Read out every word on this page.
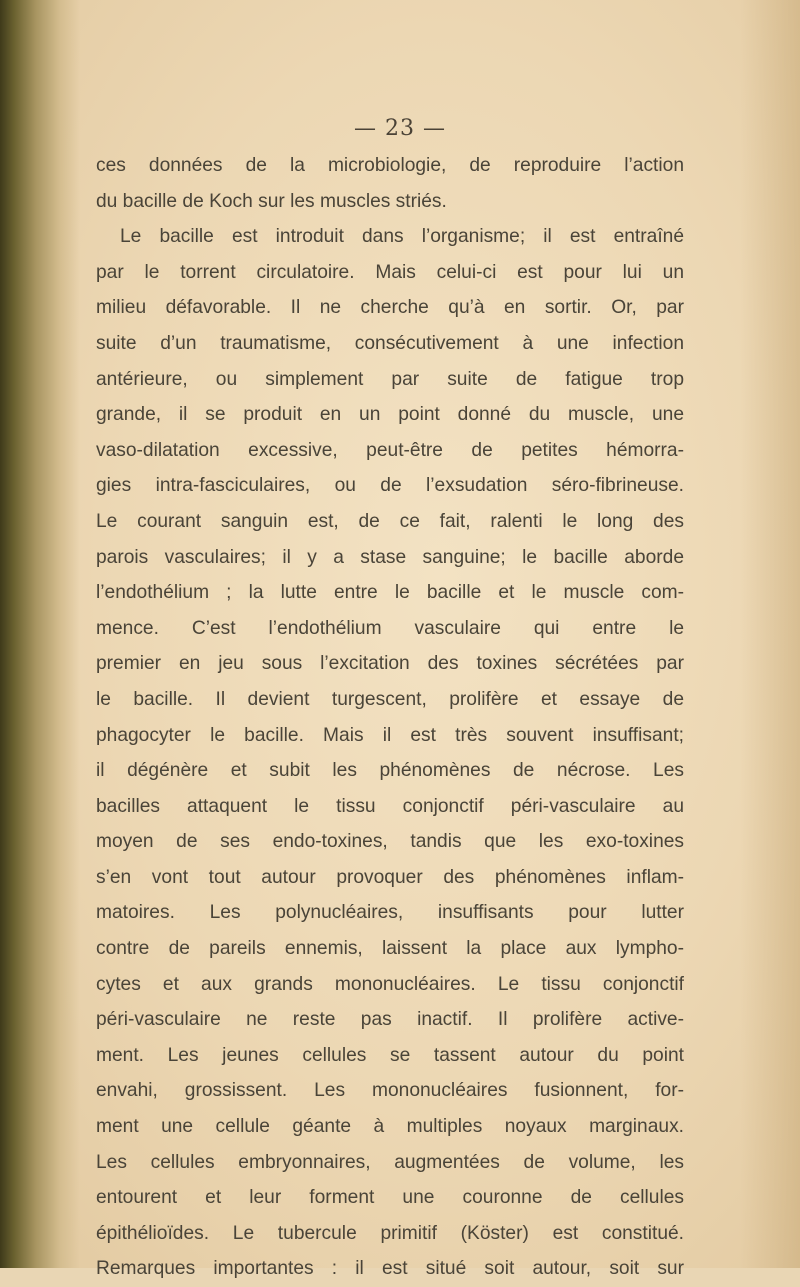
— 23 —
ces données de la microbiologie, de reproduire l’action
du bacille de Koch sur les muscles striés.
Le bacille est introduit dans l’organisme; il est entraîné
par le torrent circulatoire. Mais celui-ci est pour lui un
milieu défavorable. Il ne cherche qu’à en sortir. Or, par
suite d’un traumatisme, consécutivement à une infection
antérieure, ou simplement par suite de fatigue trop
grande, il se produit en un point donné du muscle, une
vaso-dilatation excessive, peut-être de petites hémorra-
gies intra-fasciculaires, ou de l’exsudation séro-fibrineuse.
Le courant sanguin est, de ce fait, ralenti le long des
parois vasculaires; il y a stase sanguine; le bacille aborde
l’endothélium ; la lutte entre le bacille et le muscle com-
mence. C’est l’endothélium vasculaire qui entre le
premier en jeu sous l’excitation des toxines sécrétées par
le bacille. Il devient turgescent, prolifère et essaye de
phagocyter le bacille. Mais il est très souvent insuffisant;
il dégénère et subit les phénomènes de nécrose. Les
bacilles attaquent le tissu conjonctif péri-vasculaire au
moyen de ses endo-toxines, tandis que les exo-toxines
s’en vont tout autour provoquer des phénomènes inflam-
matoires. Les polynucléaires, insuffisants pour lutter
contre de pareils ennemis, laissent la place aux lympho-
cytes et aux grands mononucléaires. Le tissu conjonctif
péri-vasculaire ne reste pas inactif. Il prolifère active-
ment. Les jeunes cellules se tassent autour du point
envahi, grossissent. Les mononucléaires fusionnent, for-
ment une cellule géante à multiples noyaux marginaux.
Les cellules embryonnaires, augmentées de volume, les
entourent et leur forment une couronne de cellules
épithélioïdes. Le tubercule primitif (Köster) est constitué.
Remarques importantes : il est situé soit autour, soit sur
